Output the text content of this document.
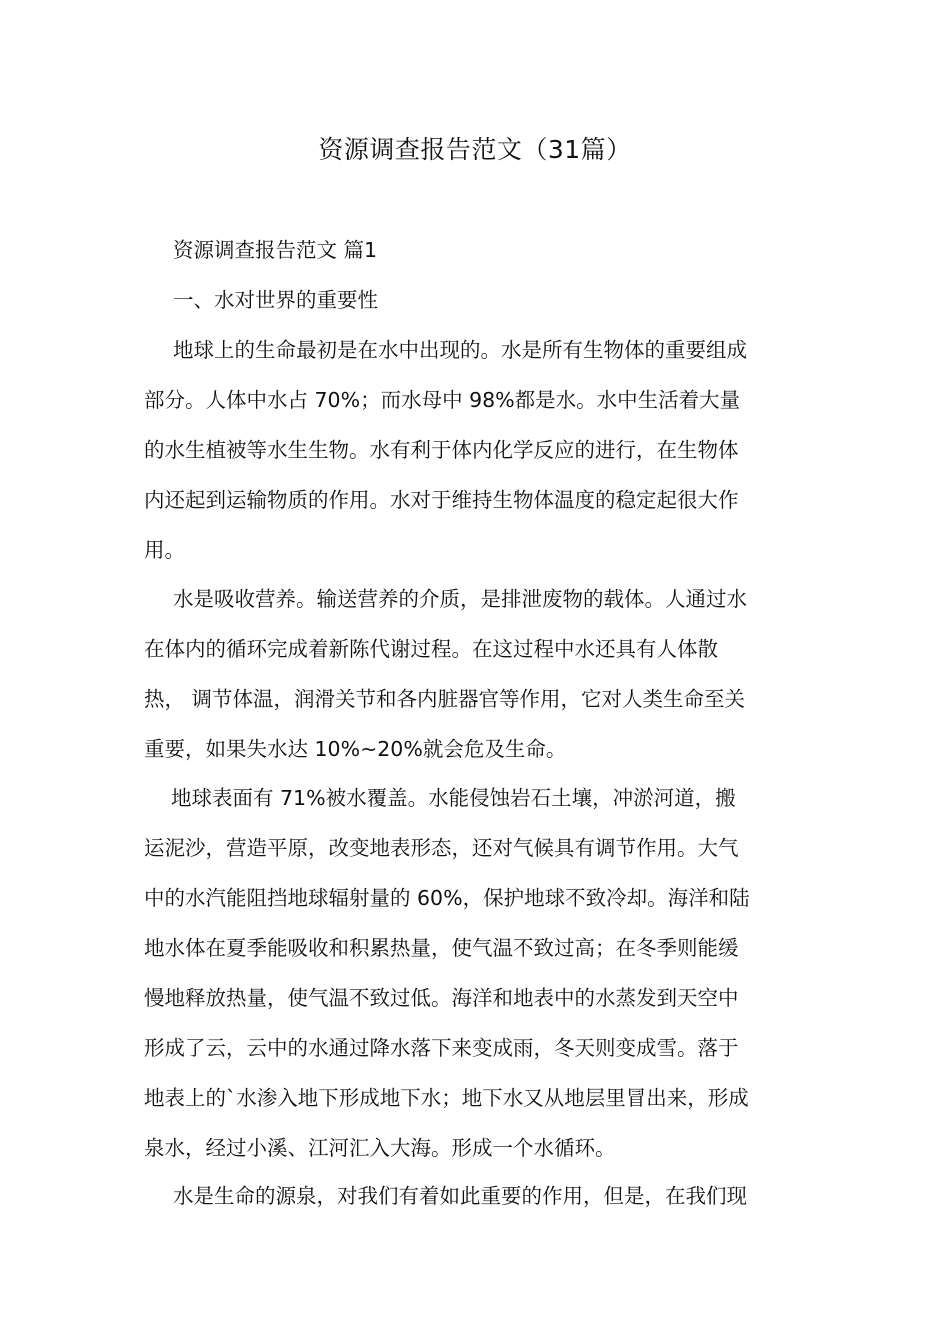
资源调查报告范文（31篇）

资源调查报告范文 篇1

一、水对世界的重要性

地球上的生命最初是在水中出现的。水是所有生物体的重要组成
部分。人体中水占 70%；而水母中 98%都是水。水中生活着大量
的水生植被等水生生物。水有利于体内化学反应的进行，在生物体
内还起到运输物质的作用。水对于维持生物体温度的稳定起很大作
用。
水是吸收营养。输送营养的介质，是排泄废物的载体。人通过水
在体内的循环完成着新陈代谢过程。在这过程中水还具有人体散
热， 调节体温，润滑关节和各内脏器官等作用，它对人类生命至关
重要，如果失水达 10%~20%就会危及生命。
地球表面有 71%被水覆盖。水能侵蚀岩石土壤，冲淤河道，搬
运泥沙，营造平原，改变地表形态，还对气候具有调节作用。大气
中的水汽能阻挡地球辐射量的 60%，保护地球不致冷却。海洋和陆
地水体在夏季能吸收和积累热量，使气温不致过高；在冬季则能缓
慢地释放热量，使气温不致过低。海洋和地表中的水蒸发到天空中
形成了云，云中的水通过降水落下来变成雨，冬天则变成雪。落于
地表上的`水渗入地下形成地下水；地下水又从地层里冒出来，形成
泉水，经过小溪、江河汇入大海。形成一个水循环。
水是生命的源泉，对我们有着如此重要的作用，但是，在我们现
